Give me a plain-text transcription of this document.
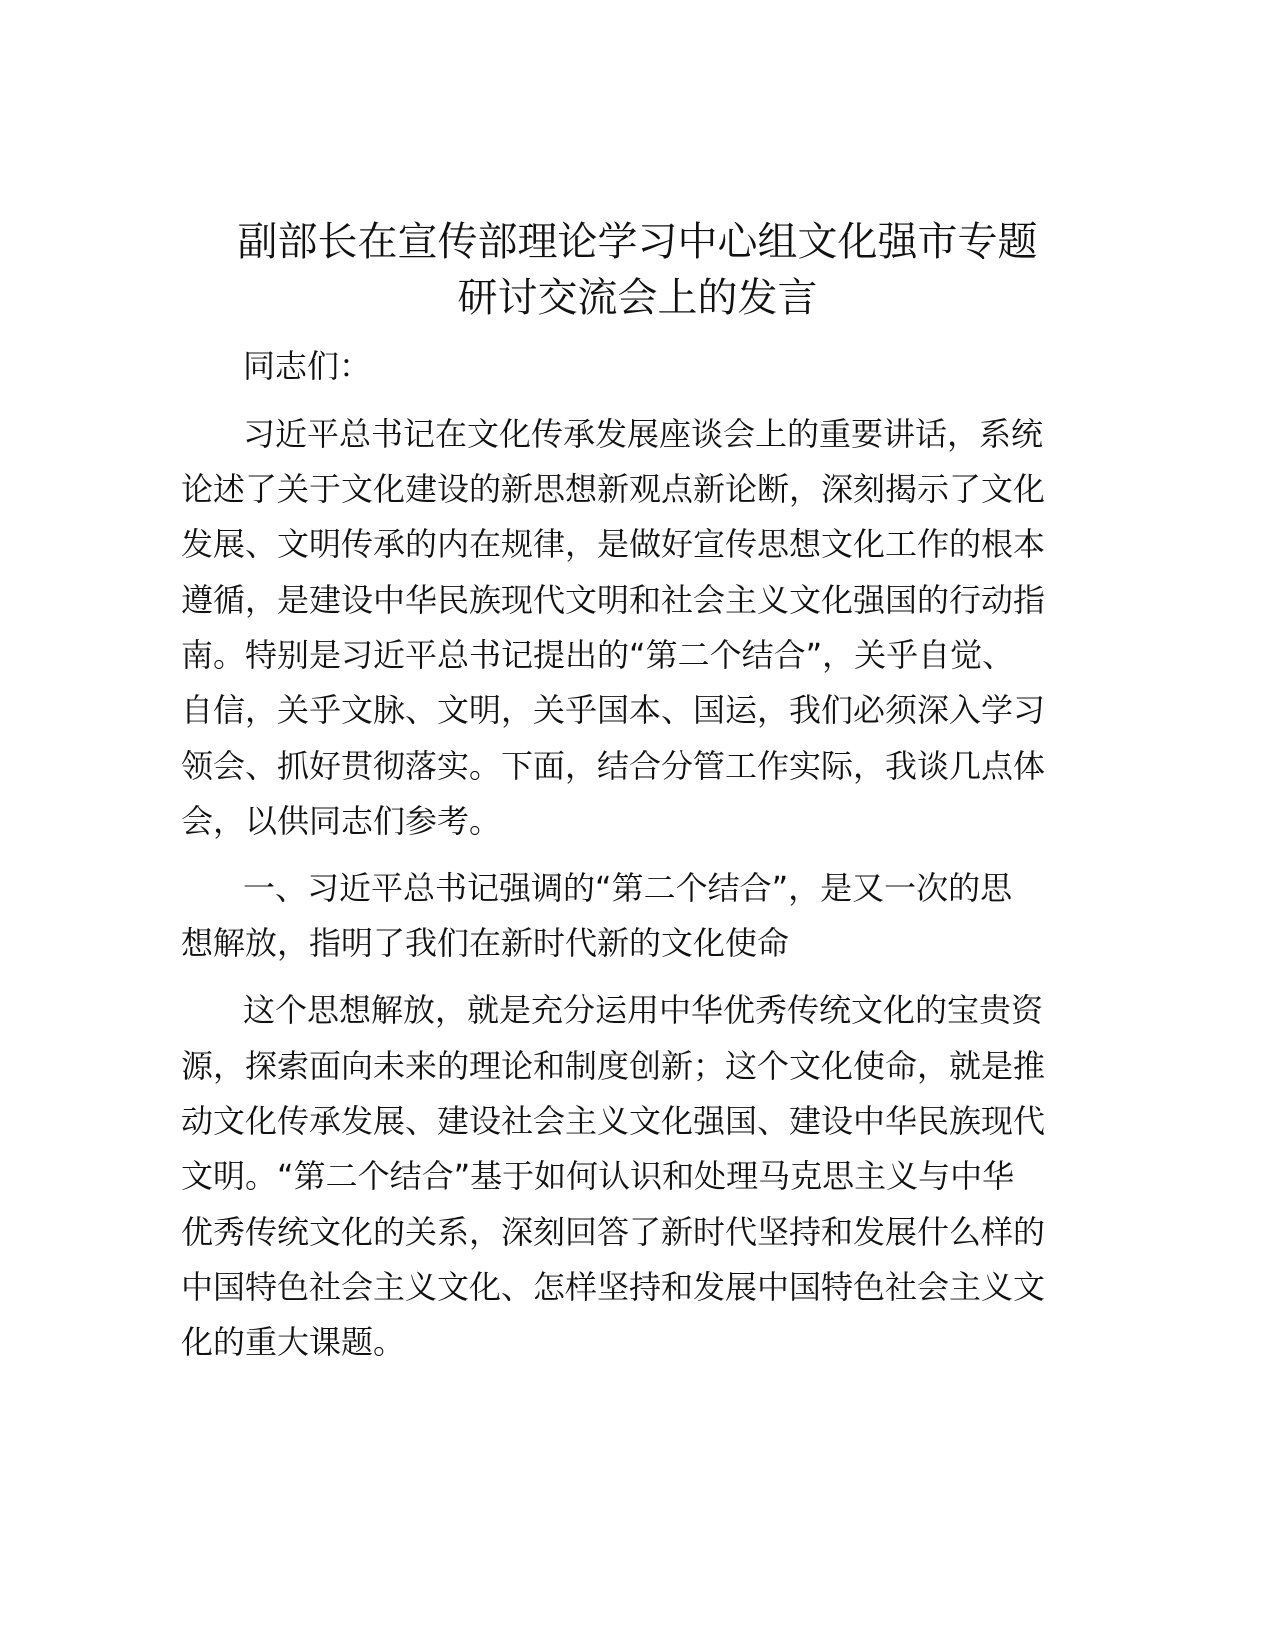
副部长在宣传部理论学习中心组文化强市专题
研讨交流会上的发言
同志们：
习近平总书记在文化传承发展座谈会上的重要讲话，系统
论述了关于文化建设的新思想新观点新论断，深刻揭示了文化
发展、文明传承的内在规律，是做好宣传思想文化工作的根本
遵循，是建设中华民族现代文明和社会主义文化强国的行动指
南。特别是习近平总书记提出的“第二个结合”，关乎自觉、
自信，关乎文脉、文明，关乎国本、国运，我们必须深入学习
领会、抓好贯彻落实。下面，结合分管工作实际，我谈几点体
会，以供同志们参考。
一、习近平总书记强调的“第二个结合”，是又一次的思
想解放，指明了我们在新时代新的文化使命
这个思想解放，就是充分运用中华优秀传统文化的宝贵资
源，探索面向未来的理论和制度创新；这个文化使命，就是推
动文化传承发展、建设社会主义文化强国、建设中华民族现代
文明。“第二个结合”基于如何认识和处理马克思主义与中华
优秀传统文化的关系，深刻回答了新时代坚持和发展什么样的
中国特色社会主义文化、怎样坚持和发展中国特色社会主义文
化的重大课题。
